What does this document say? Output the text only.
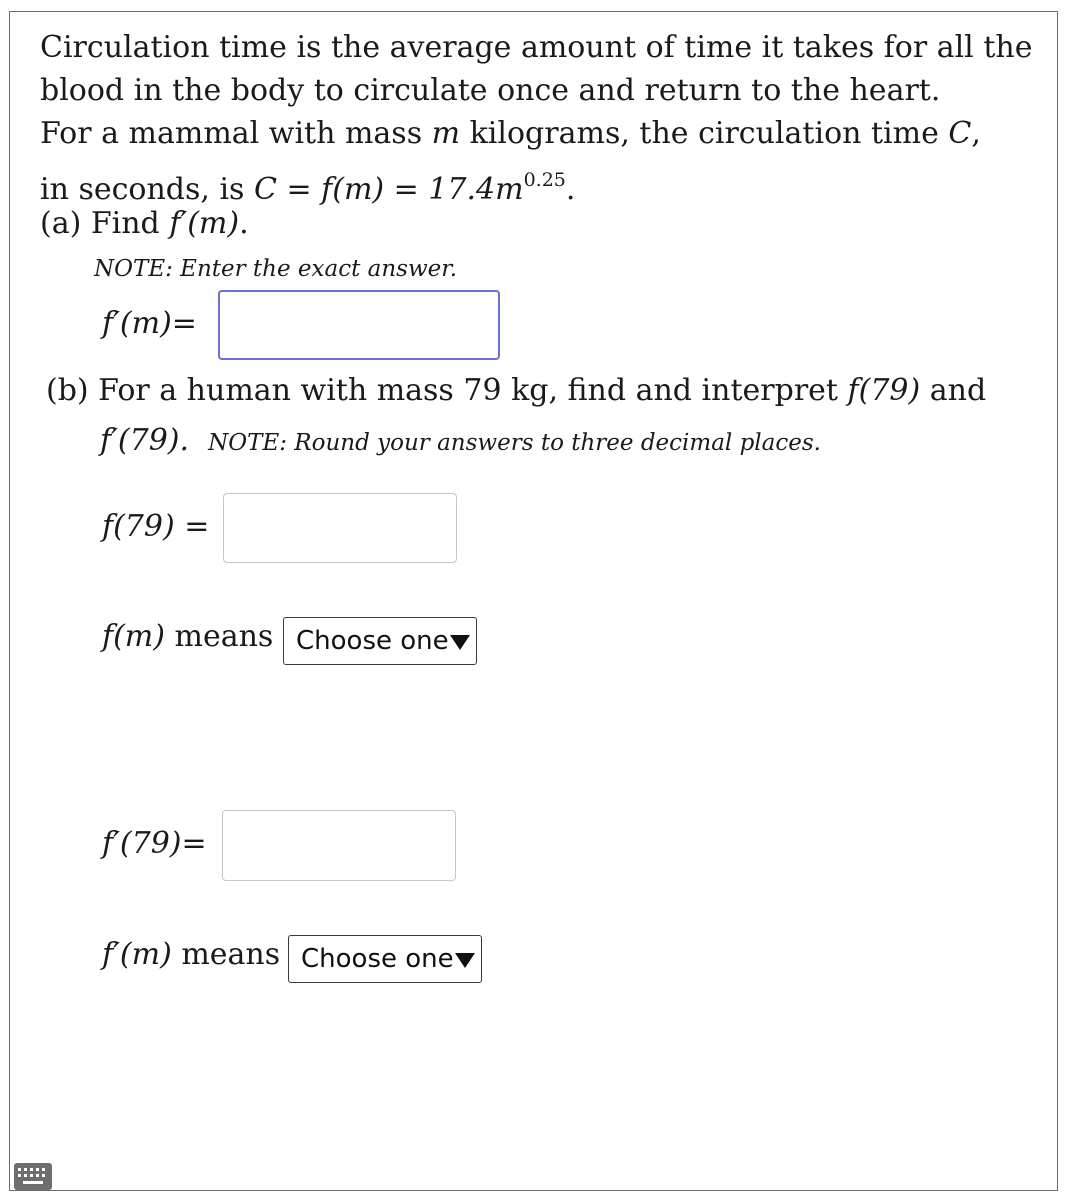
Circulation time is the average amount of time it takes for all the
blood in the body to circulate once and return to the heart.
For a mammal with mass m kilograms, the circulation time C,
in seconds, is $C = f(m) = 17.4m^{0.25}$.
(a) Find f′(m).
NOTE: Enter the exact answer.
f′(m)=
(b) For a human with mass 79 kg, find and interpret f(79) and
f′(79). NOTE: Round your answers to three decimal places.
f(79) =
f(m) means Choose one
f′(79)=
f′(m) means Choose one
